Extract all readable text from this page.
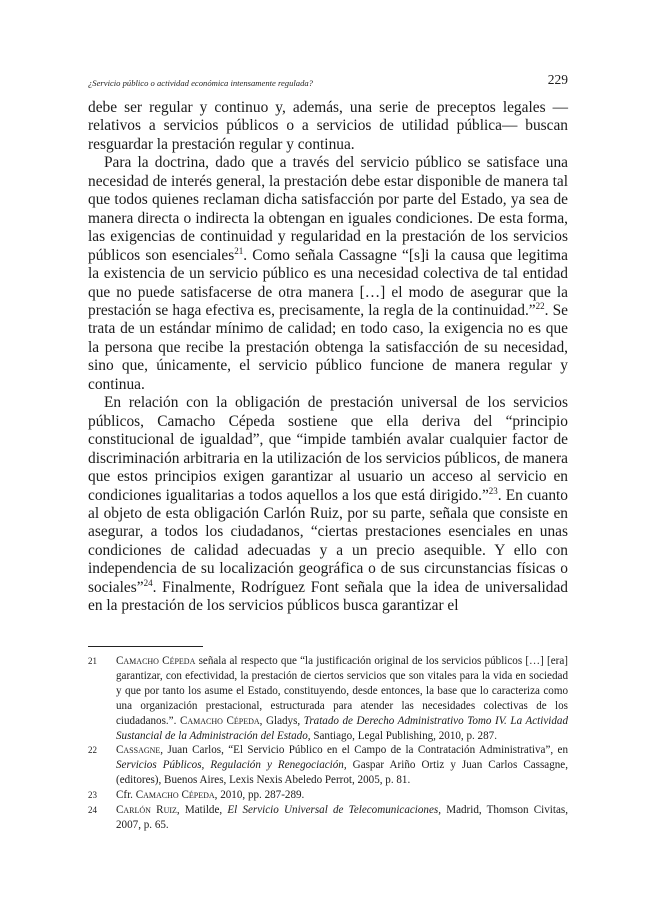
¿Servicio público o actividad económica intensamente regulada?	229

debe ser regular y continuo y, además, una serie de preceptos legales —relativos a servicios públicos o a servicios de utilidad pública— buscan resguardar la prestación regular y continua.

Para la doctrina, dado que a través del servicio público se satisface una necesidad de interés general, la prestación debe estar disponible de manera tal que todos quienes reclaman dicha satisfacción por parte del Estado, ya sea de manera directa o indirecta la obtengan en iguales condiciones. De esta forma, las exigencias de continuidad y regularidad en la prestación de los servicios públicos son esenciales$^{21}$. Como señala Cassagne “[s]i la causa que legitima la existencia de un servicio público es una necesidad colectiva de tal entidad que no puede satisfacerse de otra manera […] el modo de asegurar que la prestación se haga efectiva es, precisamente, la regla de la continuidad.”$^{22}$. Se trata de un estándar mínimo de calidad; en todo caso, la exigencia no es que la persona que recibe la prestación obtenga la satisfacción de su necesidad, sino que, únicamente, el servicio público funcione de manera regular y continua.

En relación con la obligación de prestación universal de los servicios públicos, Camacho Cépeda sostiene que ella deriva del “principio constitucional de igualdad”, que “impide también avalar cualquier factor de discriminación arbitraria en la utilización de los servicios públicos, de manera que estos principios exigen garantizar al usuario un acceso al servicio en condiciones igualitarias a todos aquellos a los que está dirigido.”$^{23}$. En cuanto al objeto de esta obligación Carlón Ruiz, por su parte, señala que consiste en asegurar, a todos los ciudadanos, “ciertas prestaciones esenciales en unas condiciones de calidad adecuadas y a un precio asequible. Y ello con independencia de su localización geográfica o de sus circunstancias físicas o sociales”$^{24}$. Finalmente, Rodríguez Font señala que la idea de universalidad en la prestación de los servicios públicos busca garantizar el

21	Camacho Cépeda señala al respecto que “la justificación original de los servicios públicos […] [era] garantizar, con efectividad, la prestación de ciertos servicios que son vitales para la vida en sociedad y que por tanto los asume el Estado, constituyendo, desde entonces, la base que lo caracteriza como una organización prestacional, estructurada para atender las necesidades colectivas de los ciudadanos.”. Camacho Cépeda, Gladys, Tratado de Derecho Administrativo Tomo IV. La Actividad Sustancial de la Administración del Estado, Santiago, Legal Publishing, 2010, p. 287.
22	Cassagne, Juan Carlos, “El Servicio Público en el Campo de la Contratación Administrativa”, en Servicios Públicos, Regulación y Renegociación, Gaspar Ariño Ortiz y Juan Carlos Cassagne, (editores), Buenos Aires, Lexis Nexis Abeledo Perrot, 2005, p. 81.
23	Cfr. Camacho Cépeda, 2010, pp. 287-289.
24	Carlón Ruiz, Matilde, El Servicio Universal de Telecomunicaciones, Madrid, Thomson Civitas, 2007, p. 65.
